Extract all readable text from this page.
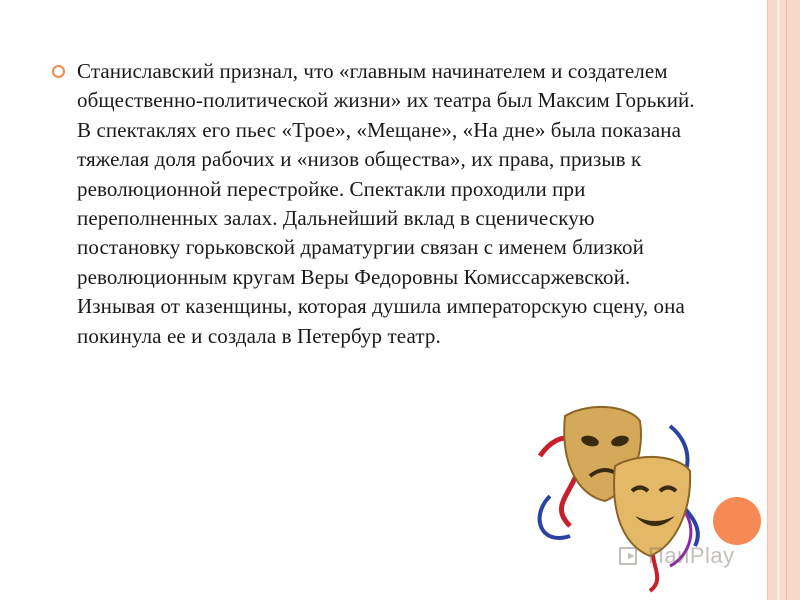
Станиславский признал, что «главным начинателем и создателем общественно-политической жизни» их театра был Максим Горький. В спектаклях его пьес «Трое», «Мещане», «На дне» была показана тяжелая доля рабочих и «низов общества», их права, призыв к революционной перестройке. Спектакли проходили при переполненных залах. Дальнейший вклад в сценическую постановку горьковской драматургии связан с именем близкой революционным кругам Веры Федоровны Комиссаржевской. Изнывая от казенщины, которая душила императорскую сцену, она покинула ее и создала в Петербур театр.

ПаиPlay
